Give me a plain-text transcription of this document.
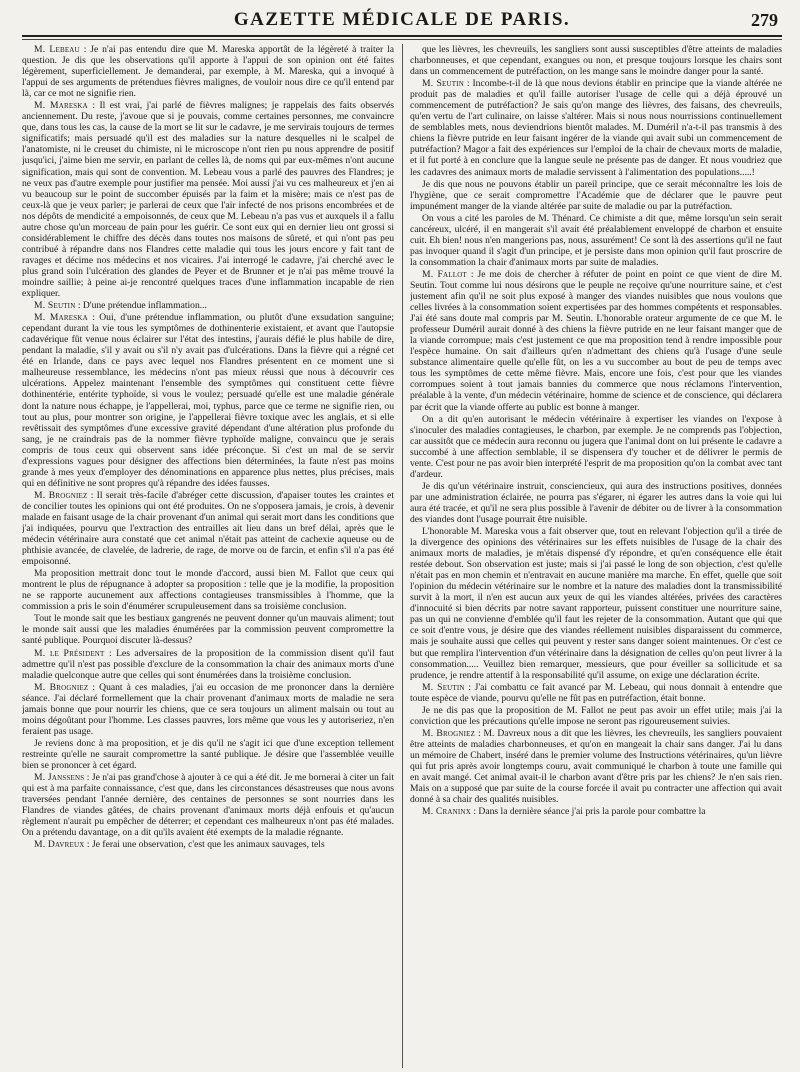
GAZETTE MÉDICALE DE PARIS.	279

M. Lebeau : Je n'ai pas entendu dire que M. Mareska apportât de la légèreté à traiter la question. Je dis que les observations qu'il apporte à l'appui de son opinion ont été faites légèrement, superficiellement. Je demanderai, par exemple, à M. Mareska, qui a invoqué à l'appui de ses arguments de prétendues fièvres malignes, de vouloir nous dire ce qu'il entend par là, car ce mot ne signifie rien.

M. Mareska : Il est vrai, j'ai parlé de fièvres malignes; je rappelais des faits observés anciennement. Du reste, j'avoue que si je pouvais, comme certaines personnes, me convaincre que, dans tous les cas, la cause de la mort se lit sur le cadavre, je me servirais toujours de termes significatifs; mais persuadé qu'il est des maladies sur la nature desquelles ni le scalpel de l'anatomiste, ni le creuset du chimiste, ni le microscope n'ont rien pu nous apprendre de positif jusqu'ici, j'aime bien me servir, en parlant de celles là, de noms qui par eux-mêmes n'ont aucune signification, mais qui sont de convention. M. Lebeau vous a parlé des pauvres des Flandres; je ne veux pas d'autre exemple pour justifier ma pensée. Moi aussi j'ai vu ces malheureux et j'en ai vu beaucoup sur le point de succomber épuisés par la faim et la misère; mais ce n'est pas de ceux-là que je veux parler; je parlerai de ceux que l'air infecté de nos prisons encombrées et de nos dépôts de mendicité a empoisonnés, de ceux que M. Lebeau n'a pas vus et auxquels il a fallu autre chose qu'un morceau de pain pour les guérir. Ce sont eux qui en dernier lieu ont grossi si considérablement le chiffre des décès dans toutes nos maisons de sûreté, et qui n'ont pas peu contribué à répandre dans nos Flandres cette maladie qui tous les jours encore y fait tant de ravages et décime nos médecins et nos vicaires. J'ai interrogé le cadavre, j'ai cherché avec le plus grand soin l'ulcération des glandes de Peyer et de Brunner et je n'ai pas même trouvé la moindre saillie; à peine ai-je rencontré quelques traces d'une inflammation incapable de rien expliquer.

M. Seutin : D'une prétendue inflammation...

M. Mareska : Oui, d'une prétendue inflammation, ou plutôt d'une exsudation sanguine; cependant durant la vie tous les symptômes de dothinenterie existaient, et avant que l'autopsie cadavérique fût venue nous éclairer sur l'état des intestins, j'aurais défié le plus habile de dire, pendant la maladie, s'il y avait ou s'il n'y avait pas d'ulcérations. Dans la fièvre qui a régné cet été en Irlande, dans ce pays avec lequel nos Flandres présentent en ce moment une si malheureuse ressemblance, les médecins n'ont pas mieux réussi que nous à découvrir ces ulcérations. Appelez maintenant l'ensemble des symptômes qui constituent cette fièvre dothinentérie, entérite typhoïde, si vous le voulez; persuadé qu'elle est une maladie générale dont la nature nous échappe, je l'appellerai, moi, typhus, parce que ce terme ne signifie rien, ou tout au plus, pour montrer son origine, je l'appellerai fièvre toxique avec les anglais, et si elle revêtissait des symptômes d'une excessive gravité dépendant d'une altération plus profonde du sang, je ne craindrais pas de la nommer fièvre typhoïde maligne, convaincu que je serais compris de tous ceux qui observent sans idée préconçue. Si c'est un mal de se servir d'expressions vagues pour désigner des affections bien déterminées, la faute n'est pas moins grande à mes yeux d'employer des dénominations en apparence plus nettes, plus précises, mais qui en définitive ne sont propres qu'à répandre des idées fausses.

M. Brogniez : Il serait très-facile d'abréger cette discussion, d'apaiser toutes les craintes et de concilier toutes les opinions qui ont été produites. On ne s'opposera jamais, je crois, à devenir malade en faisant usage de la chair provenant d'un animal qui serait mort dans les conditions que j'ai indiquées, pourvu que l'extraction des entrailles ait lieu dans un bref délai, après que le médecin vétérinaire aura constaté que cet animal n'était pas atteint de cachexie aqueuse ou de phthisie avancée, de clavelée, de ladrerie, de rage, de morve ou de farcin, et enfin s'il n'a pas été empoisonné.

Ma proposition mettrait donc tout le monde d'accord, aussi bien M. Fallot que ceux qui montrent le plus de répugnance à adopter sa proposition : telle que je la modifie, la proposition ne se rapporte aucunement aux affections contagieuses transmissibles à l'homme, que la commission a pris le soin d'énumérer scrupuleusement dans sa troisième conclusion.

Tout le monde sait que les bestiaux gangrenés ne peuvent donner qu'un mauvais aliment; tout le monde sait aussi que les maladies énumérées par la commission peuvent compromettre la santé publique. Pourquoi discuter là-dessus?

M. le Président : Les adversaires de la proposition de la commission disent qu'il faut admettre qu'il n'est pas possible d'exclure de la consommation la chair des animaux morts d'une maladie quelconque autre que celles qui sont énumérées dans la troisième conclusion.

M. Brogniez : Quant à ces maladies, j'ai eu occasion de me prononcer dans la dernière séance. J'ai déclaré formellement que la chair provenant d'animaux morts de maladie ne sera jamais bonne que pour nourrir les chiens, que ce sera toujours un aliment malsain ou tout au moins dégoûtant pour l'homme. Les classes pauvres, lors même que vous les y autoriseriez, n'en feraient pas usage.

Je reviens donc à ma proposition, et je dis qu'il ne s'agit ici que d'une exception tellement restreinte qu'elle ne saurait compromettre la santé publique. Je désire que l'assemblée veuille bien se prononcer à cet égard.

M. Janssens : Je n'ai pas grand'chose à ajouter à ce qui a été dit. Je me bornerai à citer un fait qui est à ma parfaite connaissance, c'est que, dans les circonstances désastreuses que nous avons traversées pendant l'année dernière, des centaines de personnes se sont nourries dans les Flandres de viandes gâtées, de chairs provenant d'animaux morts déjà enfouis et qu'aucun règlement n'aurait pu empêcher de déterrer; et cependant ces malheureux n'ont pas été malades. On a prétendu davantage, on a dit qu'ils avaient été exempts de la maladie régnante.

M. Davreux : Je ferai une observation, c'est que les animaux sauvages, tels

que les lièvres, les chevreuils, les sangliers sont aussi susceptibles d'être atteints de maladies charbonneuses, et que cependant, exangues ou non, et presque toujours lorsque les chairs sont dans un commencement de putréfaction, on les mange sans le moindre danger pour la santé.

M. Seutin : Incombe-t-il de là que nous devions établir en principe que la viande altérée ne produit pas de maladies et qu'il faille autoriser l'usage de celle qui a déjà éprouvé un commencement de putréfaction? Je sais qu'on mange des lièvres, des faisans, des chevreuils, qu'en vertu de l'art culinaire, on laisse s'altérer. Mais si nous nous nourrissions continuellement de semblables mets, nous deviendrions bientôt malades. M. Duméril n'a-t-il pas transmis à des chiens la fièvre putride en leur faisant ingérer de la viande qui avait subi un commencement de putréfaction? Magor a fait des expériences sur l'emploi de la chair de chevaux morts de maladie, et il fut porté à en conclure que la langue seule ne présente pas de danger. Et nous voudriez que les cadavres des animaux morts de maladie servissent à l'alimentation des populations.....!

Je dis que nous ne pouvons établir un pareil principe, que ce serait méconnaître les lois de l'hygiène, que ce serait compromettre l'Académie que de déclarer que le pauvre peut impunément manger de la viande altérée par suite de maladie ou par la putréfaction.

On vous a cité les paroles de M. Thénard. Ce chimiste a dit que, même lorsqu'un sein serait cancéreux, ulcéré, il en mangerait s'il avait été préalablement enveloppé de charbon et ensuite cuit. Eh bien! nous n'en mangerions pas, nous, assurément! Ce sont là des assertions qu'il ne faut pas invoquer quand il s'agit d'un principe, et je persiste dans mon opinion qu'il faut proscrire de la consommation la chair d'animaux morts par suite de maladies.

M. Fallot : Je me dois de chercher à réfuter de point en point ce que vient de dire M. Seutin. Tout comme lui nous désirons que le peuple ne reçoive qu'une nourriture saine, et c'est justement afin qu'il ne soit plus exposé à manger des viandes nuisibles que nous voulons que celles livrées à la consommation soient expertisées par des hommes compétents et responsables. J'ai été sans doute mal compris par M. Seutin. L'honorable orateur argumente de ce que M. le professeur Duméril aurait donné à des chiens la fièvre putride en ne leur faisant manger que de la viande corrompue; mais c'est justement ce que ma proposition tend à rendre impossible pour l'espèce humaine. On sait d'ailleurs qu'en n'admettant des chiens qu'à l'usage d'une seule substance alimentaire quelle qu'elle fût, on les a vu succomber au bout de peu de temps avec tous les symptômes de cette même fièvre. Mais, encore une fois, c'est pour que les viandes corrompues soient à tout jamais bannies du commerce que nous réclamons l'intervention, préalable à la vente, d'un médecin vétérinaire, homme de science et de conscience, qui déclarera par écrit que la viande offerte au public est bonne à manger.

On a dit qu'en autorisant le médecin vétérinaire à expertiser les viandes on l'expose à s'inoculer des maladies contagieuses, le charbon, par exemple. Je ne comprends pas l'objection, car aussitôt que ce médecin aura reconnu ou jugera que l'animal dont on lui présente le cadavre a succombé à une affection semblable, il se dispensera d'y toucher et de délivrer le permis de vente. C'est pour ne pas avoir bien interprété l'esprit de ma proposition qu'on la combat avec tant d'ardeur.

Je dis qu'un vétérinaire instruit, consciencieux, qui aura des instructions positives, données par une administration éclairée, ne pourra pas s'égarer, ni égarer les autres dans la voie qui lui aura été tracée, et qu'il ne sera plus possible à l'avenir de débiter ou de livrer à la consommation des viandes dont l'usage pourrait être nuisible.

L'honorable M. Mareska vous a fait observer que, tout en relevant l'objection qu'il a tirée de la divergence des opinions des vétérinaires sur les effets nuisibles de l'usage de la chair des animaux morts de maladies, je m'étais dispensé d'y répondre, et qu'en conséquence elle était restée debout. Son observation est juste; mais si j'ai passé le long de son objection, c'est qu'elle n'était pas en mon chemin et n'entravait en aucune manière ma marche. En effet, quelle que soit l'opinion du médecin vétérinaire sur le nombre et la nature des maladies dont la transmissibilité survit à la mort, il n'en est aucun aux yeux de qui les viandes altérées, privées des caractères d'innocuité si bien décrits par notre savant rapporteur, puissent constituer une nourriture saine, pas un qui ne convienne d'emblée qu'il faut les rejeter de la consommation. Autant que qui que ce soit d'entre vous, je désire que des viandes réellement nuisibles disparaissent du commerce, mais je souhaite aussi que celles qui peuvent y rester sans danger soient maintenues. Or c'est ce but que remplira l'intervention d'un vétérinaire dans la désignation de celles qu'on peut livrer à la consommation..... Veuillez bien remarquer, messieurs, que pour éveiller sa sollicitude et sa prudence, je rendre attentif à la responsabilité qu'il assume, on exige une déclaration écrite.

M. Seutin : J'ai combattu ce fait avancé par M. Lebeau, qui nous donnait à entendre que toute espèce de viande, pourvu qu'elle ne fût pas en putréfaction, était bonne.

Je ne dis pas que la proposition de M. Fallot ne peut pas avoir un effet utile; mais j'ai la conviction que les précautions qu'elle impose ne seront pas rigoureusement suivies.

M. Brogniez : M. Davreux nous a dit que les lièvres, les chevreuils, les sangliers pouvaient être atteints de maladies charbonneuses, et qu'on en mangeait la chair sans danger. J'ai lu dans un mémoire de Chabert, inséré dans le premier volume des Instructions vétérinaires, qu'un lièvre qui fut pris après avoir longtemps couru, avait communiqué le charbon à toute une famille qui en avait mangé. Cet animal avait-il le charbon avant d'être pris par les chiens? Je n'en sais rien. Mais on a supposé que par suite de la course forcée il avait pu contracter une affection qui avait donné à sa chair des qualités nuisibles.

M. Craninx : Dans la dernière séance j'ai pris la parole pour combattre la
